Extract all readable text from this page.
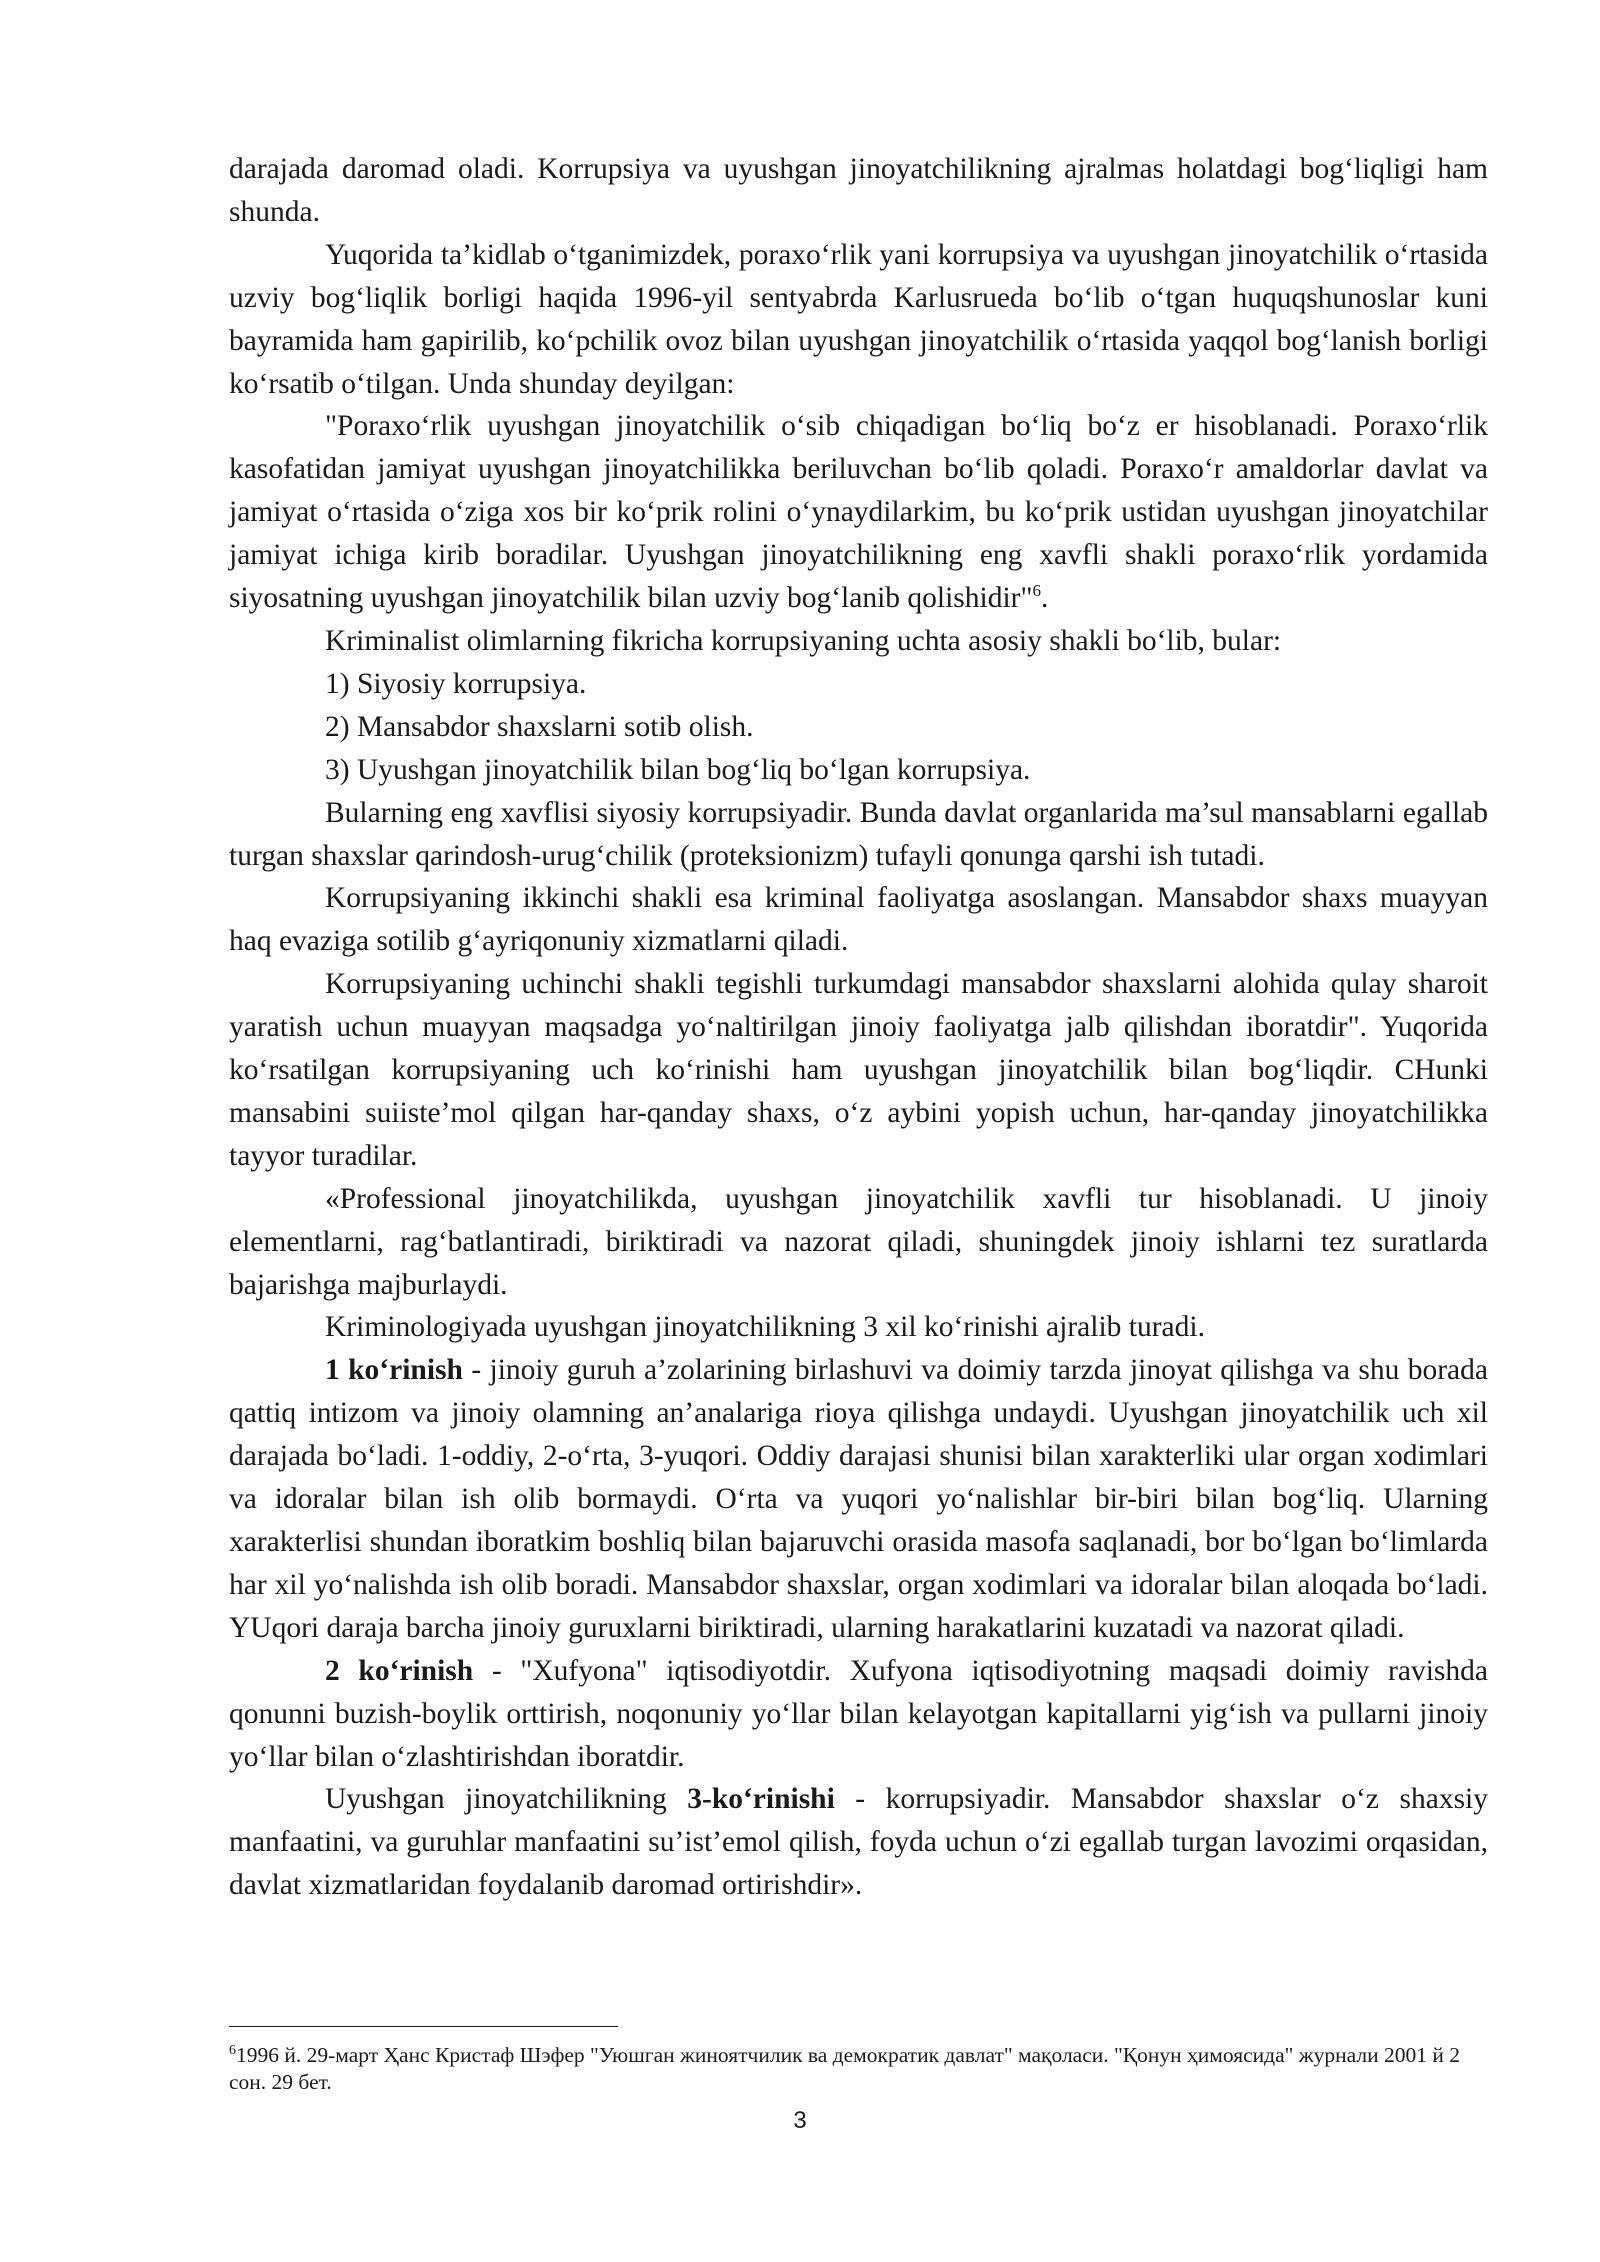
darajada daromad oladi. Korrupsiya va uyushgan jinoyatchilikning ajralmas holatdagi bog‘liqligi ham shunda.

Yuqorida ta’kidlab o‘tganimizdek, poraxo‘rlik yani korrupsiya va uyushgan jinoyatchilik o‘rtasida uzviy bog‘liqlik borligi haqida 1996-yil sentyabrda Karlusrueda bo‘lib o‘tgan huquqshunoslar kuni bayramida ham gapirilib, ko‘pchilik ovoz bilan uyushgan jinoyatchilik o‘rtasida yaqqol bog‘lanish borligi ko‘rsatib o‘tilgan. Unda shunday deyilgan:

"Poraxo‘rlik uyushgan jinoyatchilik o‘sib chiqadigan bo‘liq bo‘z er hisoblanadi. Poraxo‘rlik kasofatidan jamiyat uyushgan jinoyatchilikka beriluvchan bo‘lib qoladi. Poraxo‘r amaldorlar davlat va jamiyat o‘rtasida o‘ziga xos bir ko‘prik rolini o‘ynaydilarkim, bu ko‘prik ustidan uyushgan jinoyatchilar jamiyat ichiga kirib boradilar. Uyushgan jinoyatchilikning eng xavfli shakli poraxo‘rlik yordamida siyosatning uyushgan jinoyatchilik bilan uzviy bog‘lanib qolishidir"$^6$.

Kriminalist olimlarning fikricha korrupsiyaning uchta asosiy shakli bo‘lib, bular:

1) Siyosiy korrupsiya.

2) Mansabdor shaxslarni sotib olish.

3) Uyushgan jinoyatchilik bilan bog‘liq bo‘lgan korrupsiya.

Bularning eng xavflisi siyosiy korrupsiyadir. Bunda davlat organlarida ma’sul mansablarni egallab turgan shaxslar qarindosh-urug‘chilik (proteksionizm) tufayli qonunga qarshi ish tutadi.

Korrupsiyaning ikkinchi shakli esa kriminal faoliyatga asoslangan. Mansabdor shaxs muayyan haq evaziga sotilib g‘ayriqonuniy xizmatlarni qiladi.

Korrupsiyaning uchinchi shakli tegishli turkumdagi mansabdor shaxslarni alohida qulay sharoit yaratish uchun muayyan maqsadga yo‘naltirilgan jinoiy faoliyatga jalb qilishdan iboratdir". Yuqorida ko‘rsatilgan korrupsiyaning uch ko‘rinishi ham uyushgan jinoyatchilik bilan bog‘liqdir. CHunki mansabini suiiste’mol qilgan har-qanday shaxs, o‘z aybini yopish uchun, har-qanday jinoyatchilikka tayyor turadilar.

«Professional jinoyatchilikda, uyushgan jinoyatchilik xavfli tur hisoblanadi. U jinoiy elementlarni, rag‘batlantiradi, biriktiradi va nazorat qiladi, shuningdek jinoiy ishlarni tez suratlarda bajarishga majburlaydi.

Kriminologiyada uyushgan jinoyatchilikning 3 xil ko‘rinishi ajralib turadi.

1 ko‘rinish - jinoiy guruh a’zolarining birlashuvi va doimiy tarzda jinoyat qilishga va shu borada qattiq intizom va jinoiy olamning an’analariga rioya qilishga undaydi. Uyushgan jinoyatchilik uch xil darajada bo‘ladi. 1-oddiy, 2-o‘rta, 3-yuqori. Oddiy darajasi shunisi bilan xarakterliki ular organ xodimlari va idoralar bilan ish olib bormaydi. O‘rta va yuqori yo‘nalishlar bir-biri bilan bog‘liq. Ularning xarakterlisi shundan iboratkim boshliq bilan bajaruvchi orasida masofa saqlanadi, bor bo‘lgan bo‘limlarda har xil yo‘nalishda ish olib boradi. Mansabdor shaxslar, organ xodimlari va idoralar bilan aloqada bo‘ladi. YUqori daraja barcha jinoiy guruxlarni biriktiradi, ularning harakatlarini kuzatadi va nazorat qiladi.

2 ko‘rinish - "Xufyona" iqtisodiyotdir. Xufyona iqtisodiyotning maqsadi doimiy ravishda qonunni buzish-boylik orttirish, noqonuniy yo‘llar bilan kelayotgan kapitallarni yig‘ish va pullarni jinoiy yo‘llar bilan o‘zlashtirishdan iboratdir.

Uyushgan jinoyatchilikning 3-ko‘rinishi - korrupsiyadir. Mansabdor shaxslar o‘z shaxsiy manfaatini, va guruhlar manfaatini su’ist’emol qilish, foyda uchun o‘zi egallab turgan lavozimi orqasidan, davlat xizmatlaridan foydalanib daromad ortirishdir».

$^6$1996 й. 29-март Ҳанс Кристаф Шэфер "Уюшган жиноятчилик ва демократик давлат" мақоласи. "Қонун ҳимоясида" журнали 2001 й 2 сон. 29 бет.
3
